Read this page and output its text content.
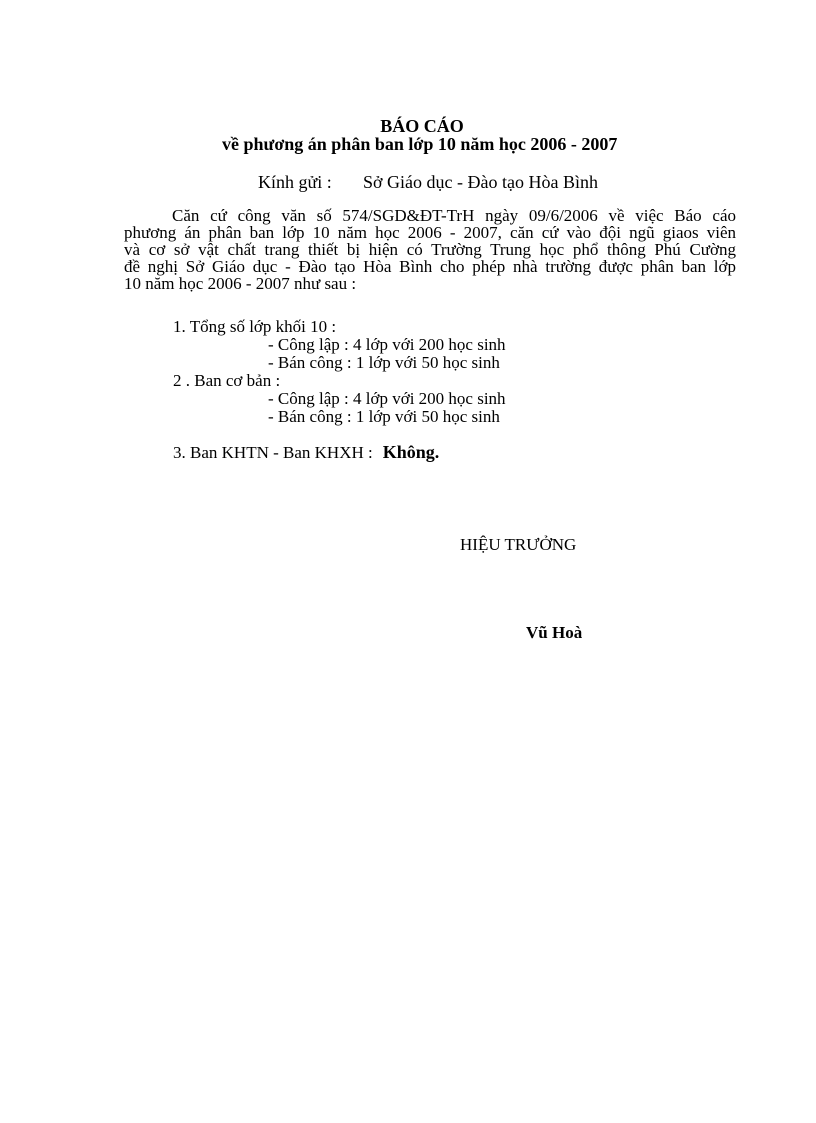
BÁO CÁO
về phương án phân ban lớp 10 năm học 2006 - 2007
Kính gửi : Sở Giáo dục - Đào tạo Hòa Bình
Căn cứ công văn số 574/SGD&ĐT-TrH ngày 09/6/2006 về việc Báo cáo
phương án phân ban lớp 10 năm học 2006 - 2007, căn cứ vào đội ngũ giaos viên
và cơ sở vật chất trang thiết bị hiện có Trường Trung học phổ thông Phú Cường
đề nghị Sở Giáo dục - Đào tạo Hòa Bình cho phép nhà trường được phân ban lớp
10 năm học 2006 - 2007 như sau :
1. Tổng số lớp khối 10 :
- Công lập : 4 lớp với 200 học sinh
- Bán công : 1 lớp với 50 học sinh
2 . Ban cơ bản :
- Công lập : 4 lớp với 200 học sinh
- Bán công : 1 lớp với 50 học sinh
3. Ban KHTN - Ban KHXH : Không.
HIỆU TRƯỞNG
Vũ Hoà
